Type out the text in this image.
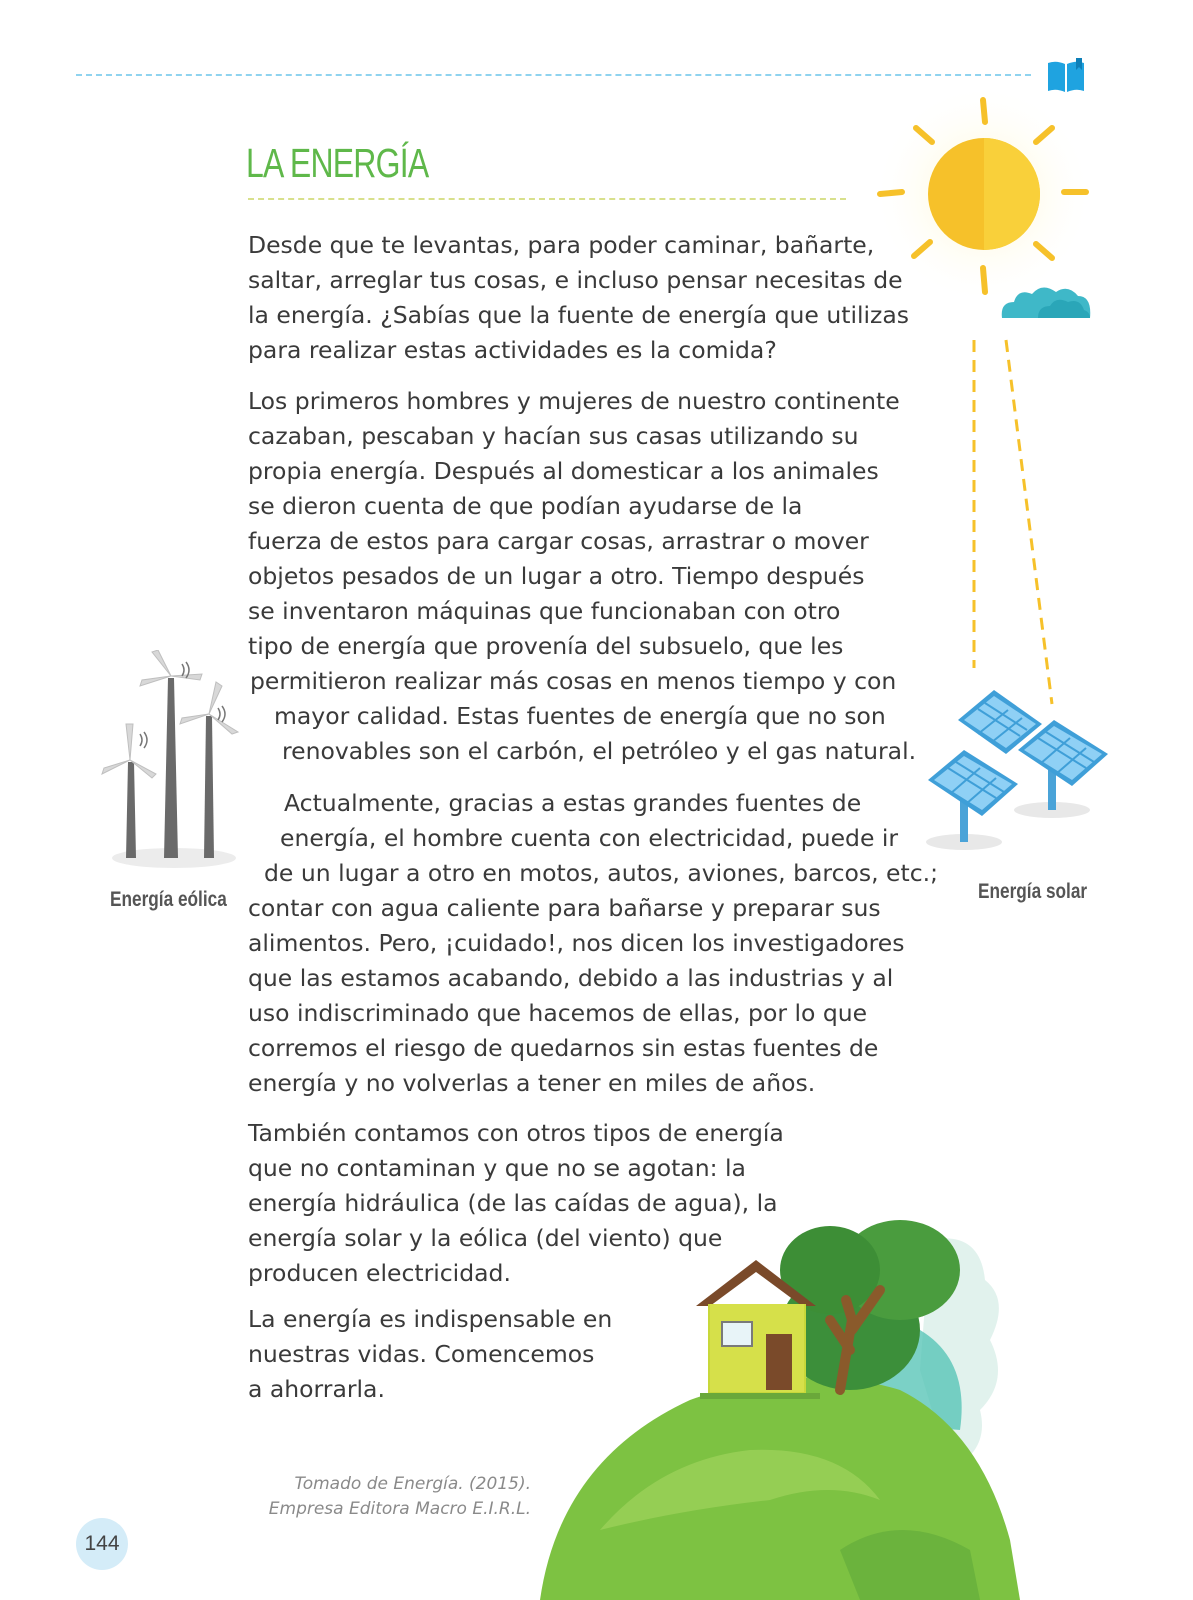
LA ENERGÍA
Desde que te levantas, para poder caminar, bañarte,
saltar, arreglar tus cosas, e incluso pensar necesitas de
la energía. ¿Sabías que la fuente de energía que utilizas
para realizar estas actividades es la comida?
Los primeros hombres y mujeres de nuestro continente
cazaban, pescaban y hacían sus casas utilizando su
propia energía. Después al domesticar a los animales
se dieron cuenta de que podían ayudarse de la
fuerza de estos para cargar cosas, arrastrar o mover
objetos pesados de un lugar a otro. Tiempo después
se inventaron máquinas que funcionaban con otro
tipo de energía que provenía del subsuelo, que les
permitieron realizar más cosas en menos tiempo y con
mayor calidad. Estas fuentes de energía que no son
renovables son el carbón, el petróleo y el gas natural.
Actualmente, gracias a estas grandes fuentes de
energía, el hombre cuenta con electricidad, puede ir
de un lugar a otro en motos, autos, aviones, barcos, etc.;
contar con agua caliente para bañarse y preparar sus
alimentos. Pero, ¡cuidado!, nos dicen los investigadores
que las estamos acabando, debido a las industrias y al
uso indiscriminado que hacemos de ellas, por lo que
corremos el riesgo de quedarnos sin estas fuentes de
energía y no volverlas a tener en miles de años.
También contamos con otros tipos de energía
que no contaminan y que no se agotan: la
energía hidráulica (de las caídas de agua), la
energía solar y la eólica (del viento) que
producen electricidad.
La energía es indispensable en
nuestras vidas. Comencemos
a ahorrarla.
Energía eólica	Energía solar
Tomado de Energía. (2015).
Empresa Editora Macro E.I.R.L.
144
